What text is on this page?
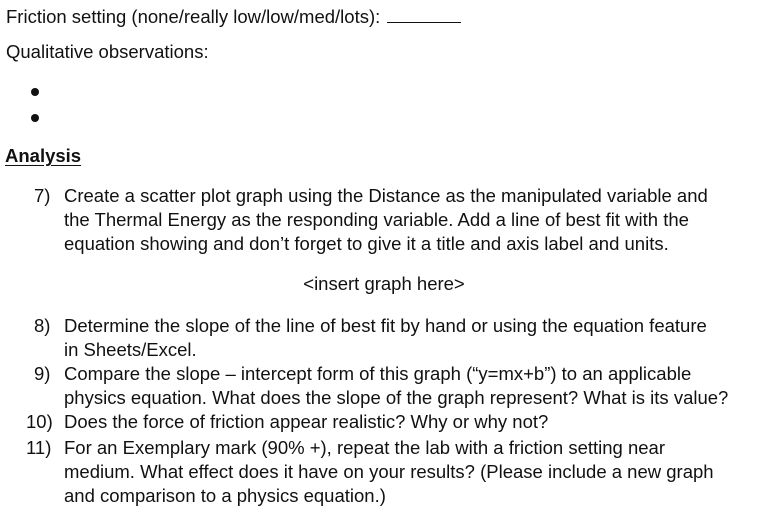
Friction setting (none/really low/low/med/lots):
Qualitative observations:
Analysis
7) Create a scatter plot graph using the Distance as the manipulated variable and
the Thermal Energy as the responding variable. Add a line of best fit with the
equation showing and don’t forget to give it a title and axis label and units.
<insert graph here>
8) Determine the slope of the line of best fit by hand or using the equation feature
in Sheets/Excel.
9) Compare the slope – intercept form of this graph (“y=mx+b”) to an applicable
physics equation. What does the slope of the graph represent? What is its value?
10) Does the force of friction appear realistic? Why or why not?
11) For an Exemplary mark (90% +), repeat the lab with a friction setting near
medium. What effect does it have on your results? (Please include a new graph
and comparison to a physics equation.)
